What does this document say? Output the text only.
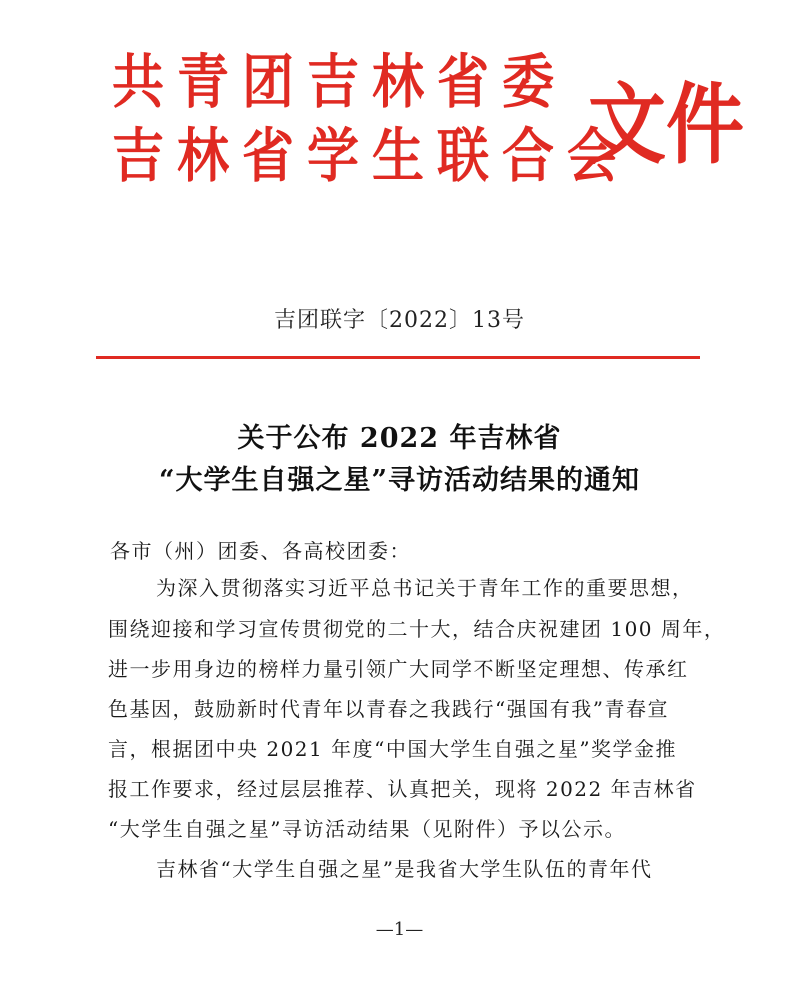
共青团吉林省委
吉林省学生联合会
文件
吉团联字〔2022〕13号
关于公布 2022 年吉林省
“大学生自强之星”寻访活动结果的通知
各市（州）团委、各高校团委：
为深入贯彻落实习近平总书记关于青年工作的重要思想，
围绕迎接和学习宣传贯彻党的二十大，结合庆祝建团 100 周年，
进一步用身边的榜样力量引领广大同学不断坚定理想、传承红
色基因，鼓励新时代青年以青春之我践行“强国有我”青春宣
言，根据团中央 2021 年度“中国大学生自强之星”奖学金推
报工作要求，经过层层推荐、认真把关，现将 2022 年吉林省
“大学生自强之星”寻访活动结果（见附件）予以公示。
吉林省“大学生自强之星”是我省大学生队伍的青年代
—1—
